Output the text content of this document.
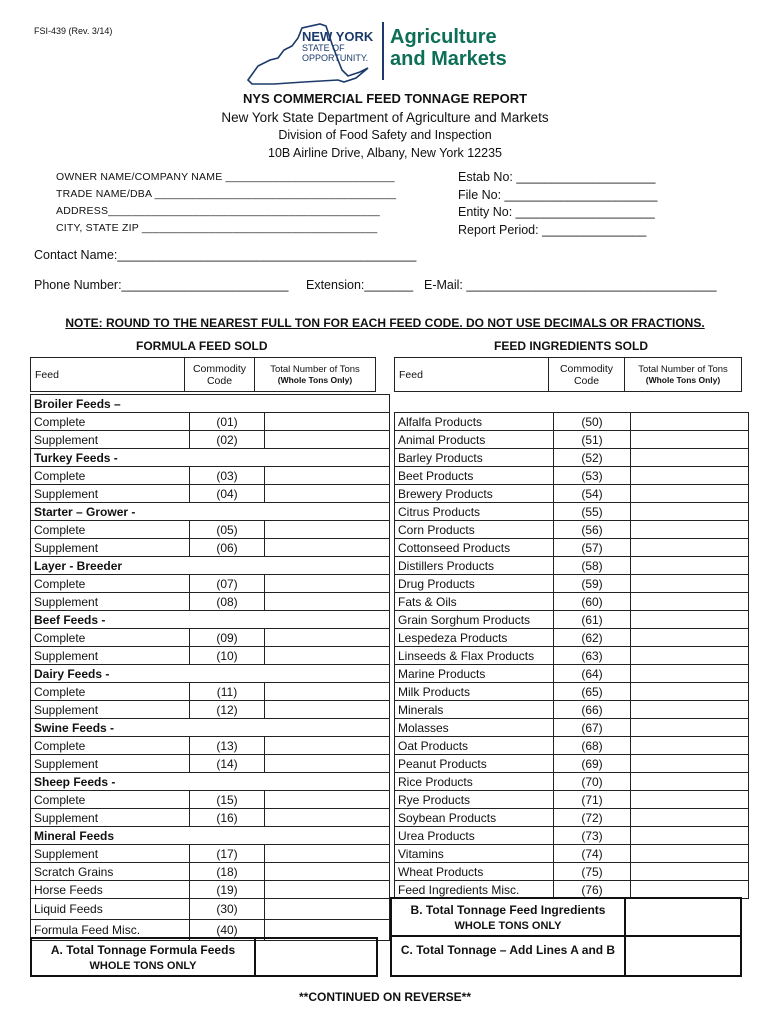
FSI-439 (Rev. 3/14)	NEW YORK
STATE OF
OPPORTUNITY.
Agriculture
and Markets
NYS COMMERCIAL FEED TONNAGE REPORT
New York State Department of Agriculture and Markets
Division of Food Safety and Inspection
10B Airline Drive, Albany, New York 12235
OWNER NAME/COMPANY NAME ____________________________
TRADE NAME/DBA ________________________________________
ADDRESS_____________________________________________
CITY, STATE ZIP _______________________________________
Estab No: ____________________
File No: ______________________
Entity No: ____________________
Report Period: _______________
Contact Name:___________________________________________
Phone Number:________________________ Extension:_______ E-Mail: ____________________________________
NOTE: ROUND TO THE NEAREST FULL TON FOR EACH FEED CODE. DO NOT USE DECIMALS OR FRACTIONS.
FORMULA FEED SOLD	FEED INGREDIENTS SOLD
Feed	Commodity Code
Total Number of Tons
(Whole Tons Only)	Feed	Commodity Code
Total Number of Tons
(Whole Tons Only)
Broiler Feeds –		
Complete	(01)	
Supplement	(02)	
Turkey Feeds -		
Complete	(03)	
Supplement	(04)	
Starter – Grower -		
Complete	(05)	
Supplement	(06)	
Layer - Breeder		
Complete	(07)	
Supplement	(08)	
Beef Feeds -		
Complete	(09)	
Supplement	(10)	
Dairy Feeds -		
Complete	(11)	
Supplement	(12)	
Swine Feeds -		
Complete	(13)	
Supplement	(14)	
Sheep Feeds -		
Complete	(15)	
Supplement	(16)	
Mineral Feeds		
Supplement	(17)	
Scratch Grains	(18)	
Horse Feeds	(19)	
Liquid Feeds	(30)	
Formula Feed Misc.	(40)	
Alfalfa Products	(50)	
Animal Products	(51)	
Barley Products	(52)	
Beet Products	(53)	
Brewery Products	(54)	
Citrus Products	(55)	
Corn Products	(56)	
Cottonseed Products	(57)	
Distillers Products	(58)	
Drug Products	(59)	
Fats & Oils	(60)	
Grain Sorghum Products	(61)	
Lespedeza Products	(62)	
Linseeds & Flax Products	(63)	
Marine Products	(64)	
Milk Products	(65)	
Minerals	(66)	
Molasses	(67)	
Oat Products	(68)	
Peanut Products	(69)	
Rice Products	(70)	
Rye Products	(71)	
Soybean Products	(72)	
Urea Products	(73)	
Vitamins	(74)	
Wheat Products	(75)	
Feed Ingredients Misc.	(76)	
A. Total Tonnage Formula Feeds
WHOLE TONS ONLY
B. Total Tonnage Feed Ingredients
WHOLE TONS ONLY
C. Total Tonnage – Add Lines A and B
**CONTINUED ON REVERSE**
